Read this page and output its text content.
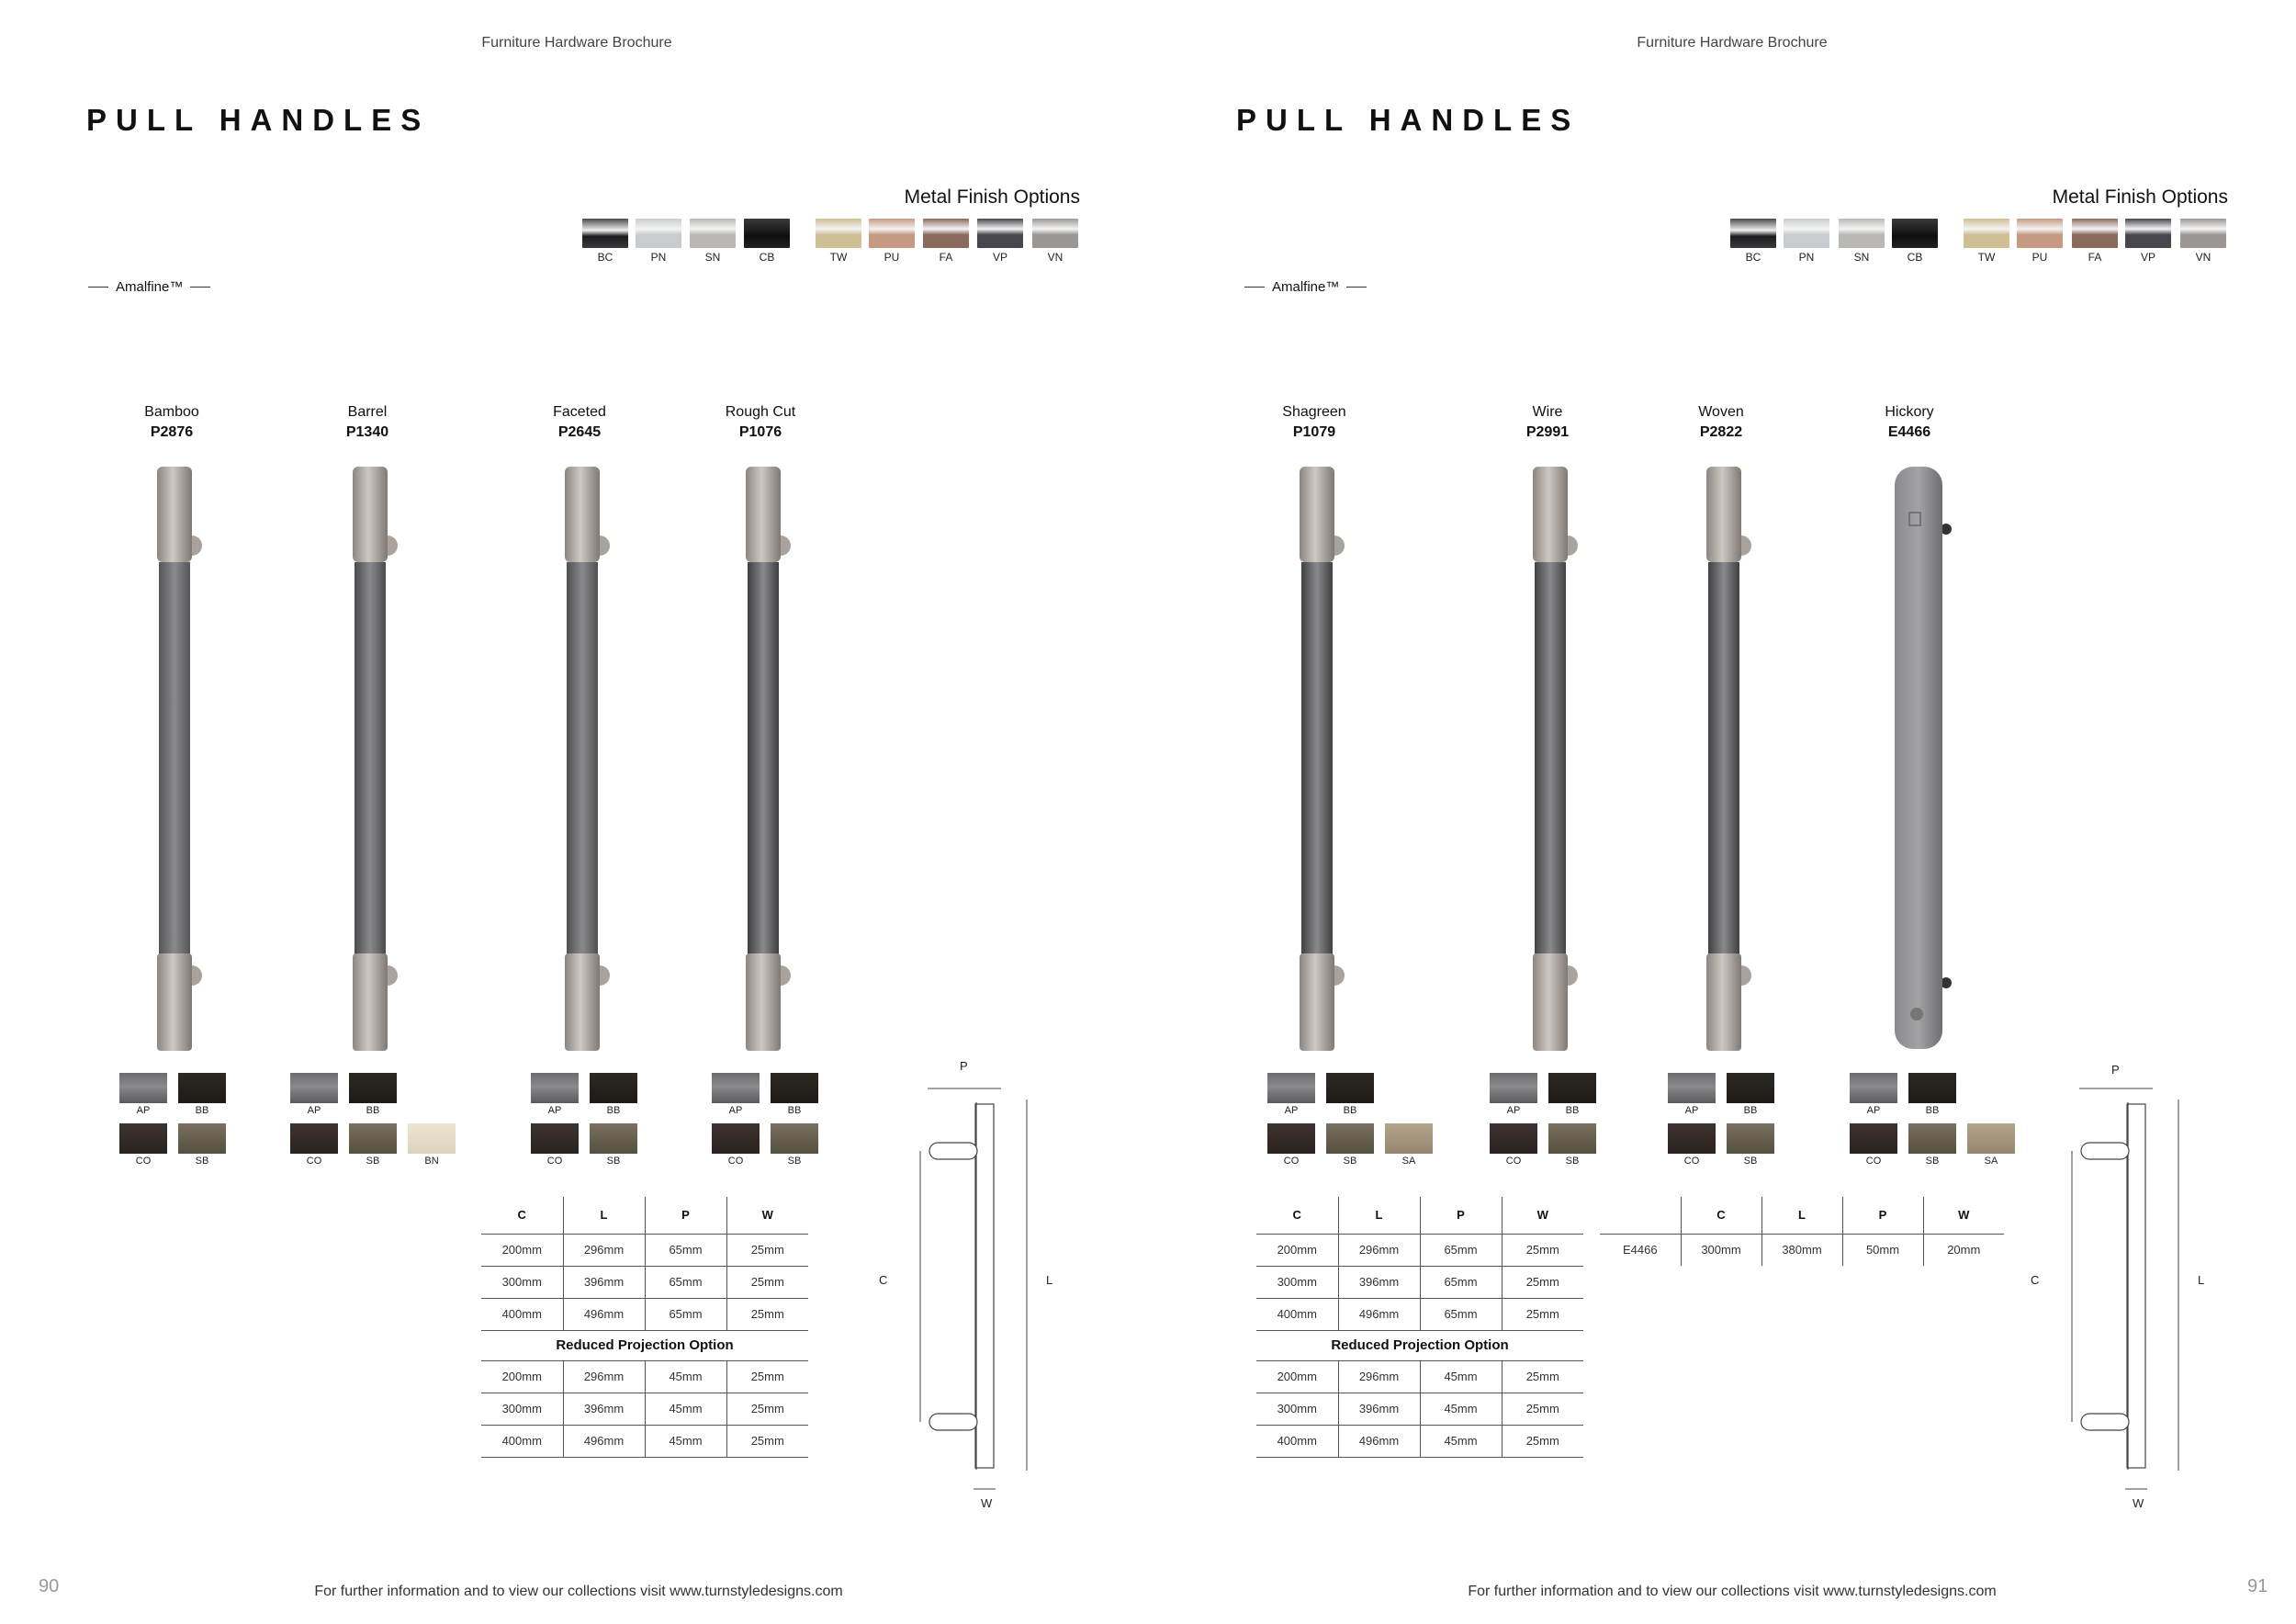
Furniture Hardware Brochure
PULL HANDLES
Metal Finish Options
BC	PN	SN	CB	TW	PU	FA	VP	VN
Amalfine™
Bamboo
P2876
Barrel
P1340
Faceted
P2645
Rough Cut
P1076
AP	BB
CO	SB
AP	BB
CO	SB	BN
AP	BB
CO	SB
AP	BB
CO	SB
C	L	P	W
200mm	296mm	65mm	25mm
300mm	396mm	65mm	25mm
400mm	496mm	65mm	25mm
Reduced Projection Option			
200mm	296mm	45mm	25mm
300mm	396mm	45mm	25mm
400mm	496mm	45mm	25mm
P
C	L
W
For further information and to view our collections visit www.turnstyledesigns.com
90
Furniture Hardware Brochure
PULL HANDLES
Metal Finish Options
BC	PN	SN	CB	TW	PU	FA	VP	VN
Amalfine™
Shagreen
P1079
Wire
P2991
Woven
P2822
Hickory
E4466
AP	BB
CO	SB	SA
AP	BB
CO	SB
AP	BB
CO	SB
AP	BB
CO	SB	SA
C	L	P	W
200mm	296mm	65mm	25mm
300mm	396mm	65mm	25mm
400mm	496mm	65mm	25mm
Reduced Projection Option			
200mm	296mm	45mm	25mm
300mm	396mm	45mm	25mm
400mm	496mm	45mm	25mm
	C	L	P	W
E4466	300mm	380mm	50mm	20mm
P
C	L
W
For further information and to view our collections visit www.turnstyledesigns.com	91
